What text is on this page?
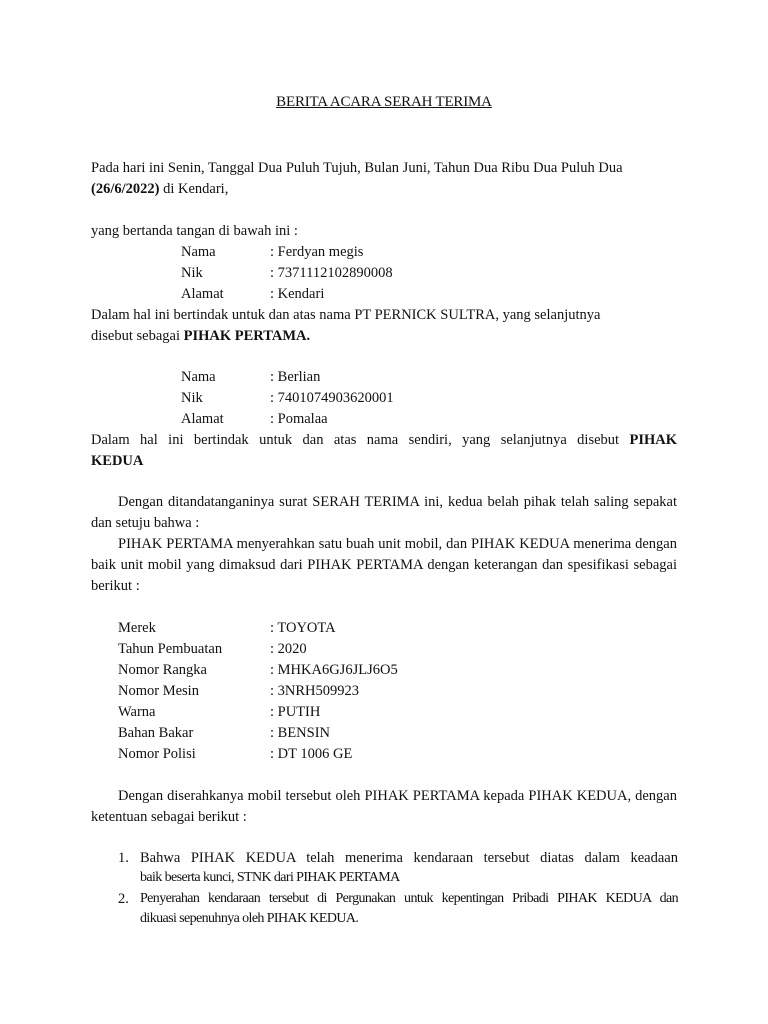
BERITA ACARA SERAH TERIMA
Pada hari ini Senin, Tanggal Dua Puluh Tujuh, Bulan Juni, Tahun Dua Ribu Dua Puluh Dua
(26/6/2022) di Kendari,
yang bertanda tangan di bawah ini :
Nama	: Ferdyan megis
Nik	: 7371112102890008
Alamat	: Kendari
Dalam hal ini bertindak untuk dan atas nama PT PERNICK SULTRA, yang selanjutnya
disebut sebagai PIHAK PERTAMA.
Nama	: Berlian
Nik	: 7401074903620001
Alamat	: Pomalaa
Dalam hal ini bertindak untuk dan atas nama sendiri, yang selanjutnya disebut PIHAK
KEDUA
Dengan ditandatanganinya surat SERAH TERIMA ini, kedua belah pihak telah saling sepakat dan setuju bahwa :
PIHAK PERTAMA menyerahkan satu buah unit mobil, dan PIHAK KEDUA menerima dengan baik unit mobil yang dimaksud dari PIHAK PERTAMA dengan keterangan dan spesifikasi sebagai berikut :
Merek	: TOYOTA
Tahun Pembuatan	: 2020
Nomor Rangka	: MHKA6GJ6JLJ6O5
Nomor Mesin	: 3NRH509923
Warna	: PUTIH
Bahan Bakar	: BENSIN
Nomor Polisi	: DT 1006 GE
Dengan diserahkanya mobil tersebut oleh PIHAK PERTAMA kepada PIHAK KEDUA, dengan ketentuan sebagai berikut :
1. Bahwa PIHAK KEDUA telah menerima kendaraan tersebut diatas dalam keadaan
baik beserta kunci, STNK dari PIHAK PERTAMA
2. Penyerahan kendaraan tersebut di Pergunakan untuk kepentingan Pribadi PIHAK KEDUA dan
dikuasi sepenuhnya oleh PIHAK KEDUA.
